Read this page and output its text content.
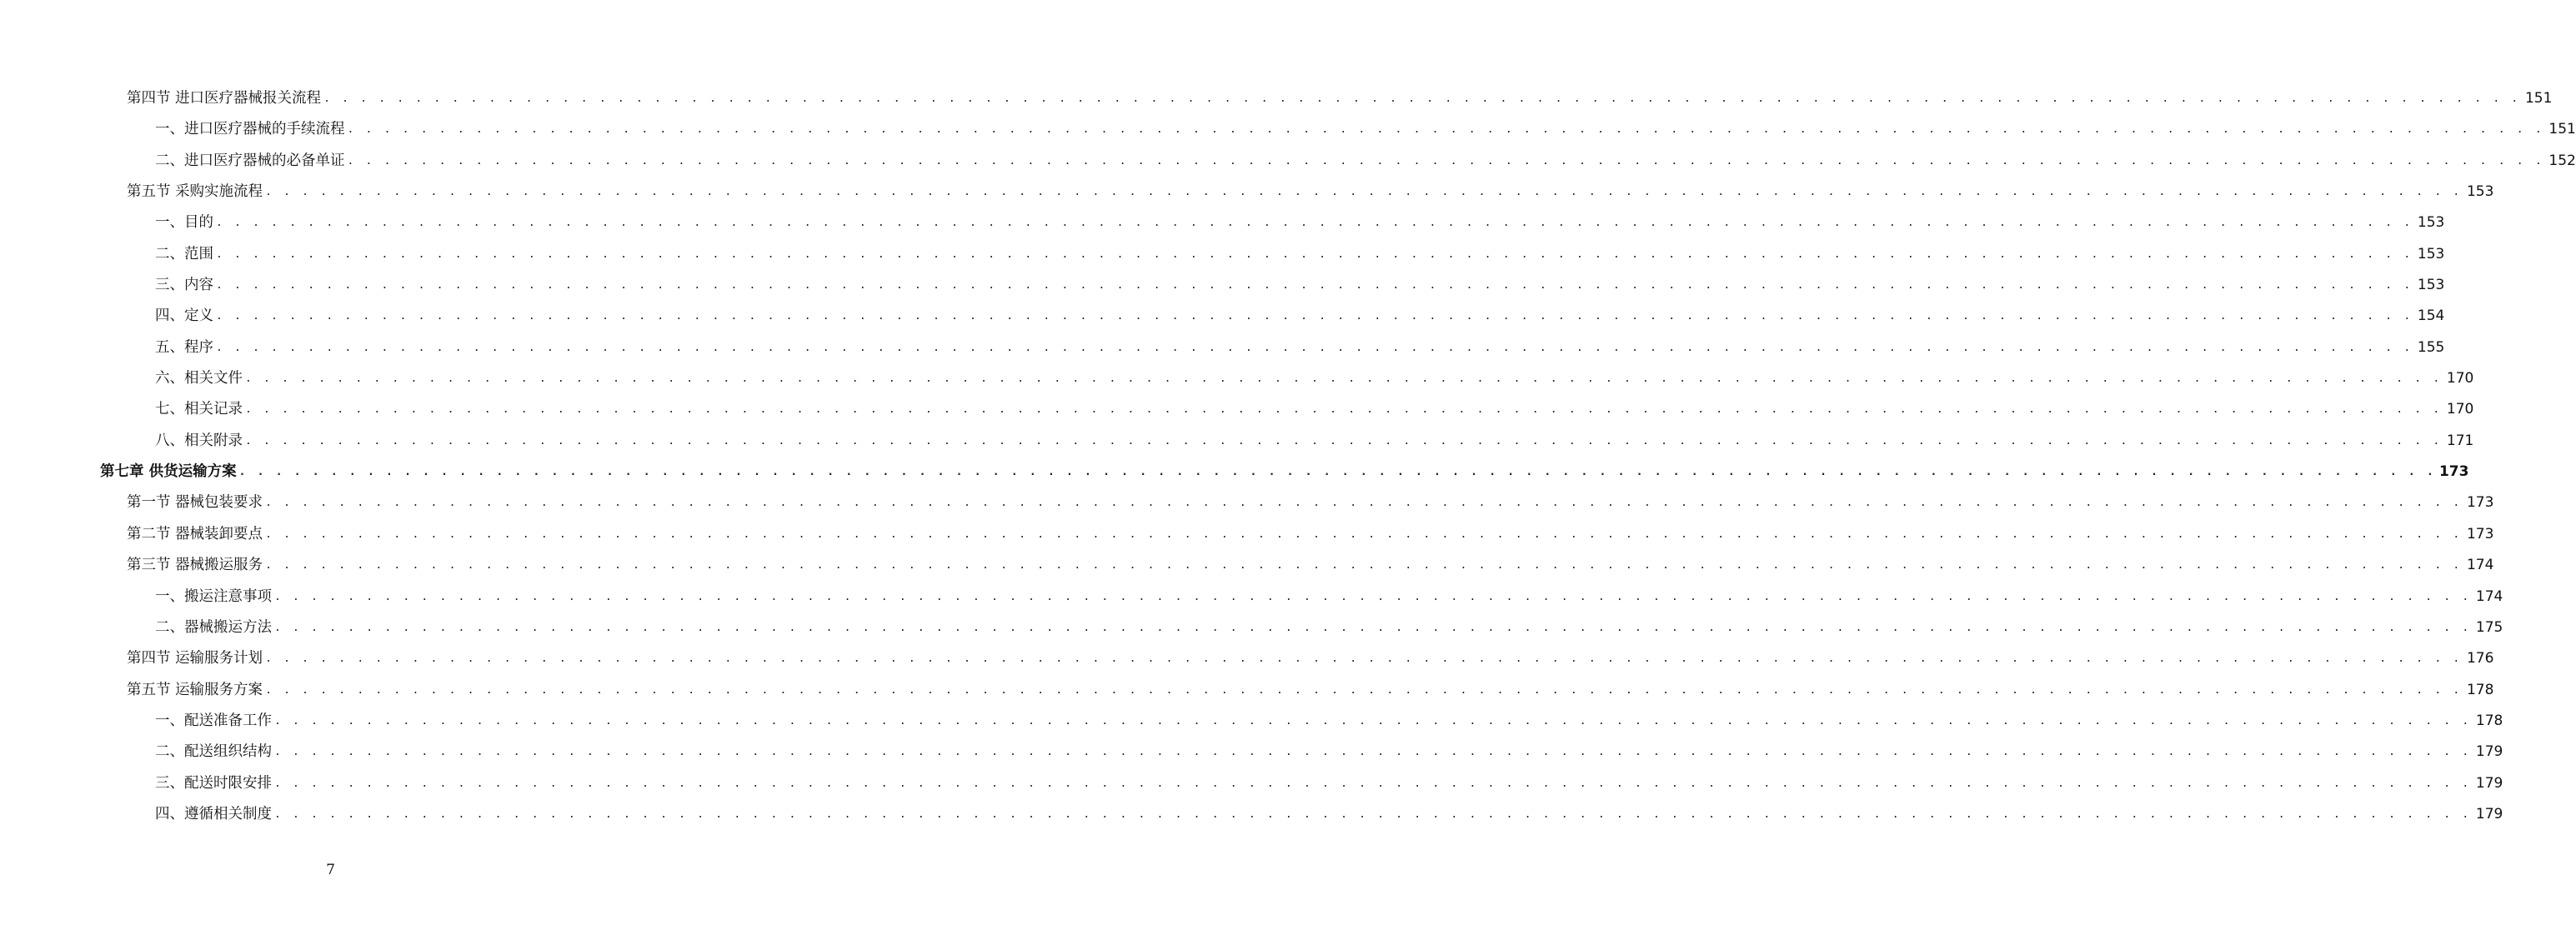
第四节 进口医疗器械报关流程 . . . . . . . . . . . . . . . . . . . . . . . . . . . . . . . . . . . . . . . . . . . . . . . . . . . . . . . . . . . . . . . . . . . . . . . . . . . . . . . . . . . . . . . . . . . . . . . . . . . . . . . . . . . . . . . . . . . . . . . . 151
一、进口医疗器械的手续流程 . . . . . . . . . . . . . . . . . . . . . . . . . . . . . . . . . . . . . . . . . . . . . . . . . . . . . . . . . . . . . . . . . . . . . . . . . . . . . . . . . . . . . . . . . . . . . . . . . . . . . . . . . . . . . . . . . . . . . . . . 151
二、进口医疗器械的必备单证 . . . . . . . . . . . . . . . . . . . . . . . . . . . . . . . . . . . . . . . . . . . . . . . . . . . . . . . . . . . . . . . . . . . . . . . . . . . . . . . . . . . . . . . . . . . . . . . . . . . . . . . . . . . . . . . . . . . . . . . . 152
第五节 采购实施流程 . . . . . . . . . . . . . . . . . . . . . . . . . . . . . . . . . . . . . . . . . . . . . . . . . . . . . . . . . . . . . . . . . . . . . . . . . . . . . . . . . . . . . . . . . . . . . . . . . . . . . . . . . . . . . . . . . . . . . . . . 153
一、目的 . . . . . . . . . . . . . . . . . . . . . . . . . . . . . . . . . . . . . . . . . . . . . . . . . . . . . . . . . . . . . . . . . . . . . . . . . . . . . . . . . . . . . . . . . . . . . . . . . . . . . . . . . . . . . . . . . . . . . . . . 153
二、范围 . . . . . . . . . . . . . . . . . . . . . . . . . . . . . . . . . . . . . . . . . . . . . . . . . . . . . . . . . . . . . . . . . . . . . . . . . . . . . . . . . . . . . . . . . . . . . . . . . . . . . . . . . . . . . . . . . . . . . . . . 153
三、内容 . . . . . . . . . . . . . . . . . . . . . . . . . . . . . . . . . . . . . . . . . . . . . . . . . . . . . . . . . . . . . . . . . . . . . . . . . . . . . . . . . . . . . . . . . . . . . . . . . . . . . . . . . . . . . . . . . . . . . . . . 153
四、定义 . . . . . . . . . . . . . . . . . . . . . . . . . . . . . . . . . . . . . . . . . . . . . . . . . . . . . . . . . . . . . . . . . . . . . . . . . . . . . . . . . . . . . . . . . . . . . . . . . . . . . . . . . . . . . . . . . . . . . . . . 154
五、程序 . . . . . . . . . . . . . . . . . . . . . . . . . . . . . . . . . . . . . . . . . . . . . . . . . . . . . . . . . . . . . . . . . . . . . . . . . . . . . . . . . . . . . . . . . . . . . . . . . . . . . . . . . . . . . . . . . . . . . . . . 155
六、相关文件 . . . . . . . . . . . . . . . . . . . . . . . . . . . . . . . . . . . . . . . . . . . . . . . . . . . . . . . . . . . . . . . . . . . . . . . . . . . . . . . . . . . . . . . . . . . . . . . . . . . . . . . . . . . . . . . . . . . . . . . . 170
七、相关记录 . . . . . . . . . . . . . . . . . . . . . . . . . . . . . . . . . . . . . . . . . . . . . . . . . . . . . . . . . . . . . . . . . . . . . . . . . . . . . . . . . . . . . . . . . . . . . . . . . . . . . . . . . . . . . . . . . . . . . . . . 170
八、相关附录 . . . . . . . . . . . . . . . . . . . . . . . . . . . . . . . . . . . . . . . . . . . . . . . . . . . . . . . . . . . . . . . . . . . . . . . . . . . . . . . . . . . . . . . . . . . . . . . . . . . . . . . . . . . . . . . . . . . . . . . . 171
第七章 供货运输方案 . . . . . . . . . . . . . . . . . . . . . . . . . . . . . . . . . . . . . . . . . . . . . . . . . . . . . . . . . . . . . . . . . . . . . . . . . . . . . . . . . . . . . . . . . . . . . . . . . . . . . . . . . . . . . . . . . . . . . . . . 173
第一节 器械包装要求 . . . . . . . . . . . . . . . . . . . . . . . . . . . . . . . . . . . . . . . . . . . . . . . . . . . . . . . . . . . . . . . . . . . . . . . . . . . . . . . . . . . . . . . . . . . . . . . . . . . . . . . . . . . . . . . . . . . . . . . . 173
第二节 器械装卸要点 . . . . . . . . . . . . . . . . . . . . . . . . . . . . . . . . . . . . . . . . . . . . . . . . . . . . . . . . . . . . . . . . . . . . . . . . . . . . . . . . . . . . . . . . . . . . . . . . . . . . . . . . . . . . . . . . . . . . . . . . 173
第三节 器械搬运服务 . . . . . . . . . . . . . . . . . . . . . . . . . . . . . . . . . . . . . . . . . . . . . . . . . . . . . . . . . . . . . . . . . . . . . . . . . . . . . . . . . . . . . . . . . . . . . . . . . . . . . . . . . . . . . . . . . . . . . . . . 174
一、搬运注意事项 . . . . . . . . . . . . . . . . . . . . . . . . . . . . . . . . . . . . . . . . . . . . . . . . . . . . . . . . . . . . . . . . . . . . . . . . . . . . . . . . . . . . . . . . . . . . . . . . . . . . . . . . . . . . . . . . . . . . . . . . 174
二、器械搬运方法 . . . . . . . . . . . . . . . . . . . . . . . . . . . . . . . . . . . . . . . . . . . . . . . . . . . . . . . . . . . . . . . . . . . . . . . . . . . . . . . . . . . . . . . . . . . . . . . . . . . . . . . . . . . . . . . . . . . . . . . . 175
第四节 运输服务计划 . . . . . . . . . . . . . . . . . . . . . . . . . . . . . . . . . . . . . . . . . . . . . . . . . . . . . . . . . . . . . . . . . . . . . . . . . . . . . . . . . . . . . . . . . . . . . . . . . . . . . . . . . . . . . . . . . . . . . . . . 176
第五节 运输服务方案 . . . . . . . . . . . . . . . . . . . . . . . . . . . . . . . . . . . . . . . . . . . . . . . . . . . . . . . . . . . . . . . . . . . . . . . . . . . . . . . . . . . . . . . . . . . . . . . . . . . . . . . . . . . . . . . . . . . . . . . . 178
一、配送准备工作 . . . . . . . . . . . . . . . . . . . . . . . . . . . . . . . . . . . . . . . . . . . . . . . . . . . . . . . . . . . . . . . . . . . . . . . . . . . . . . . . . . . . . . . . . . . . . . . . . . . . . . . . . . . . . . . . . . . . . . . . 178
二、配送组织结构 . . . . . . . . . . . . . . . . . . . . . . . . . . . . . . . . . . . . . . . . . . . . . . . . . . . . . . . . . . . . . . . . . . . . . . . . . . . . . . . . . . . . . . . . . . . . . . . . . . . . . . . . . . . . . . . . . . . . . . . . 179
三、配送时限安排 . . . . . . . . . . . . . . . . . . . . . . . . . . . . . . . . . . . . . . . . . . . . . . . . . . . . . . . . . . . . . . . . . . . . . . . . . . . . . . . . . . . . . . . . . . . . . . . . . . . . . . . . . . . . . . . . . . . . . . . . 179
四、遵循相关制度 . . . . . . . . . . . . . . . . . . . . . . . . . . . . . . . . . . . . . . . . . . . . . . . . . . . . . . . . . . . . . . . . . . . . . . . . . . . . . . . . . . . . . . . . . . . . . . . . . . . . . . . . . . . . . . . . . . . . . . . . 179
7
